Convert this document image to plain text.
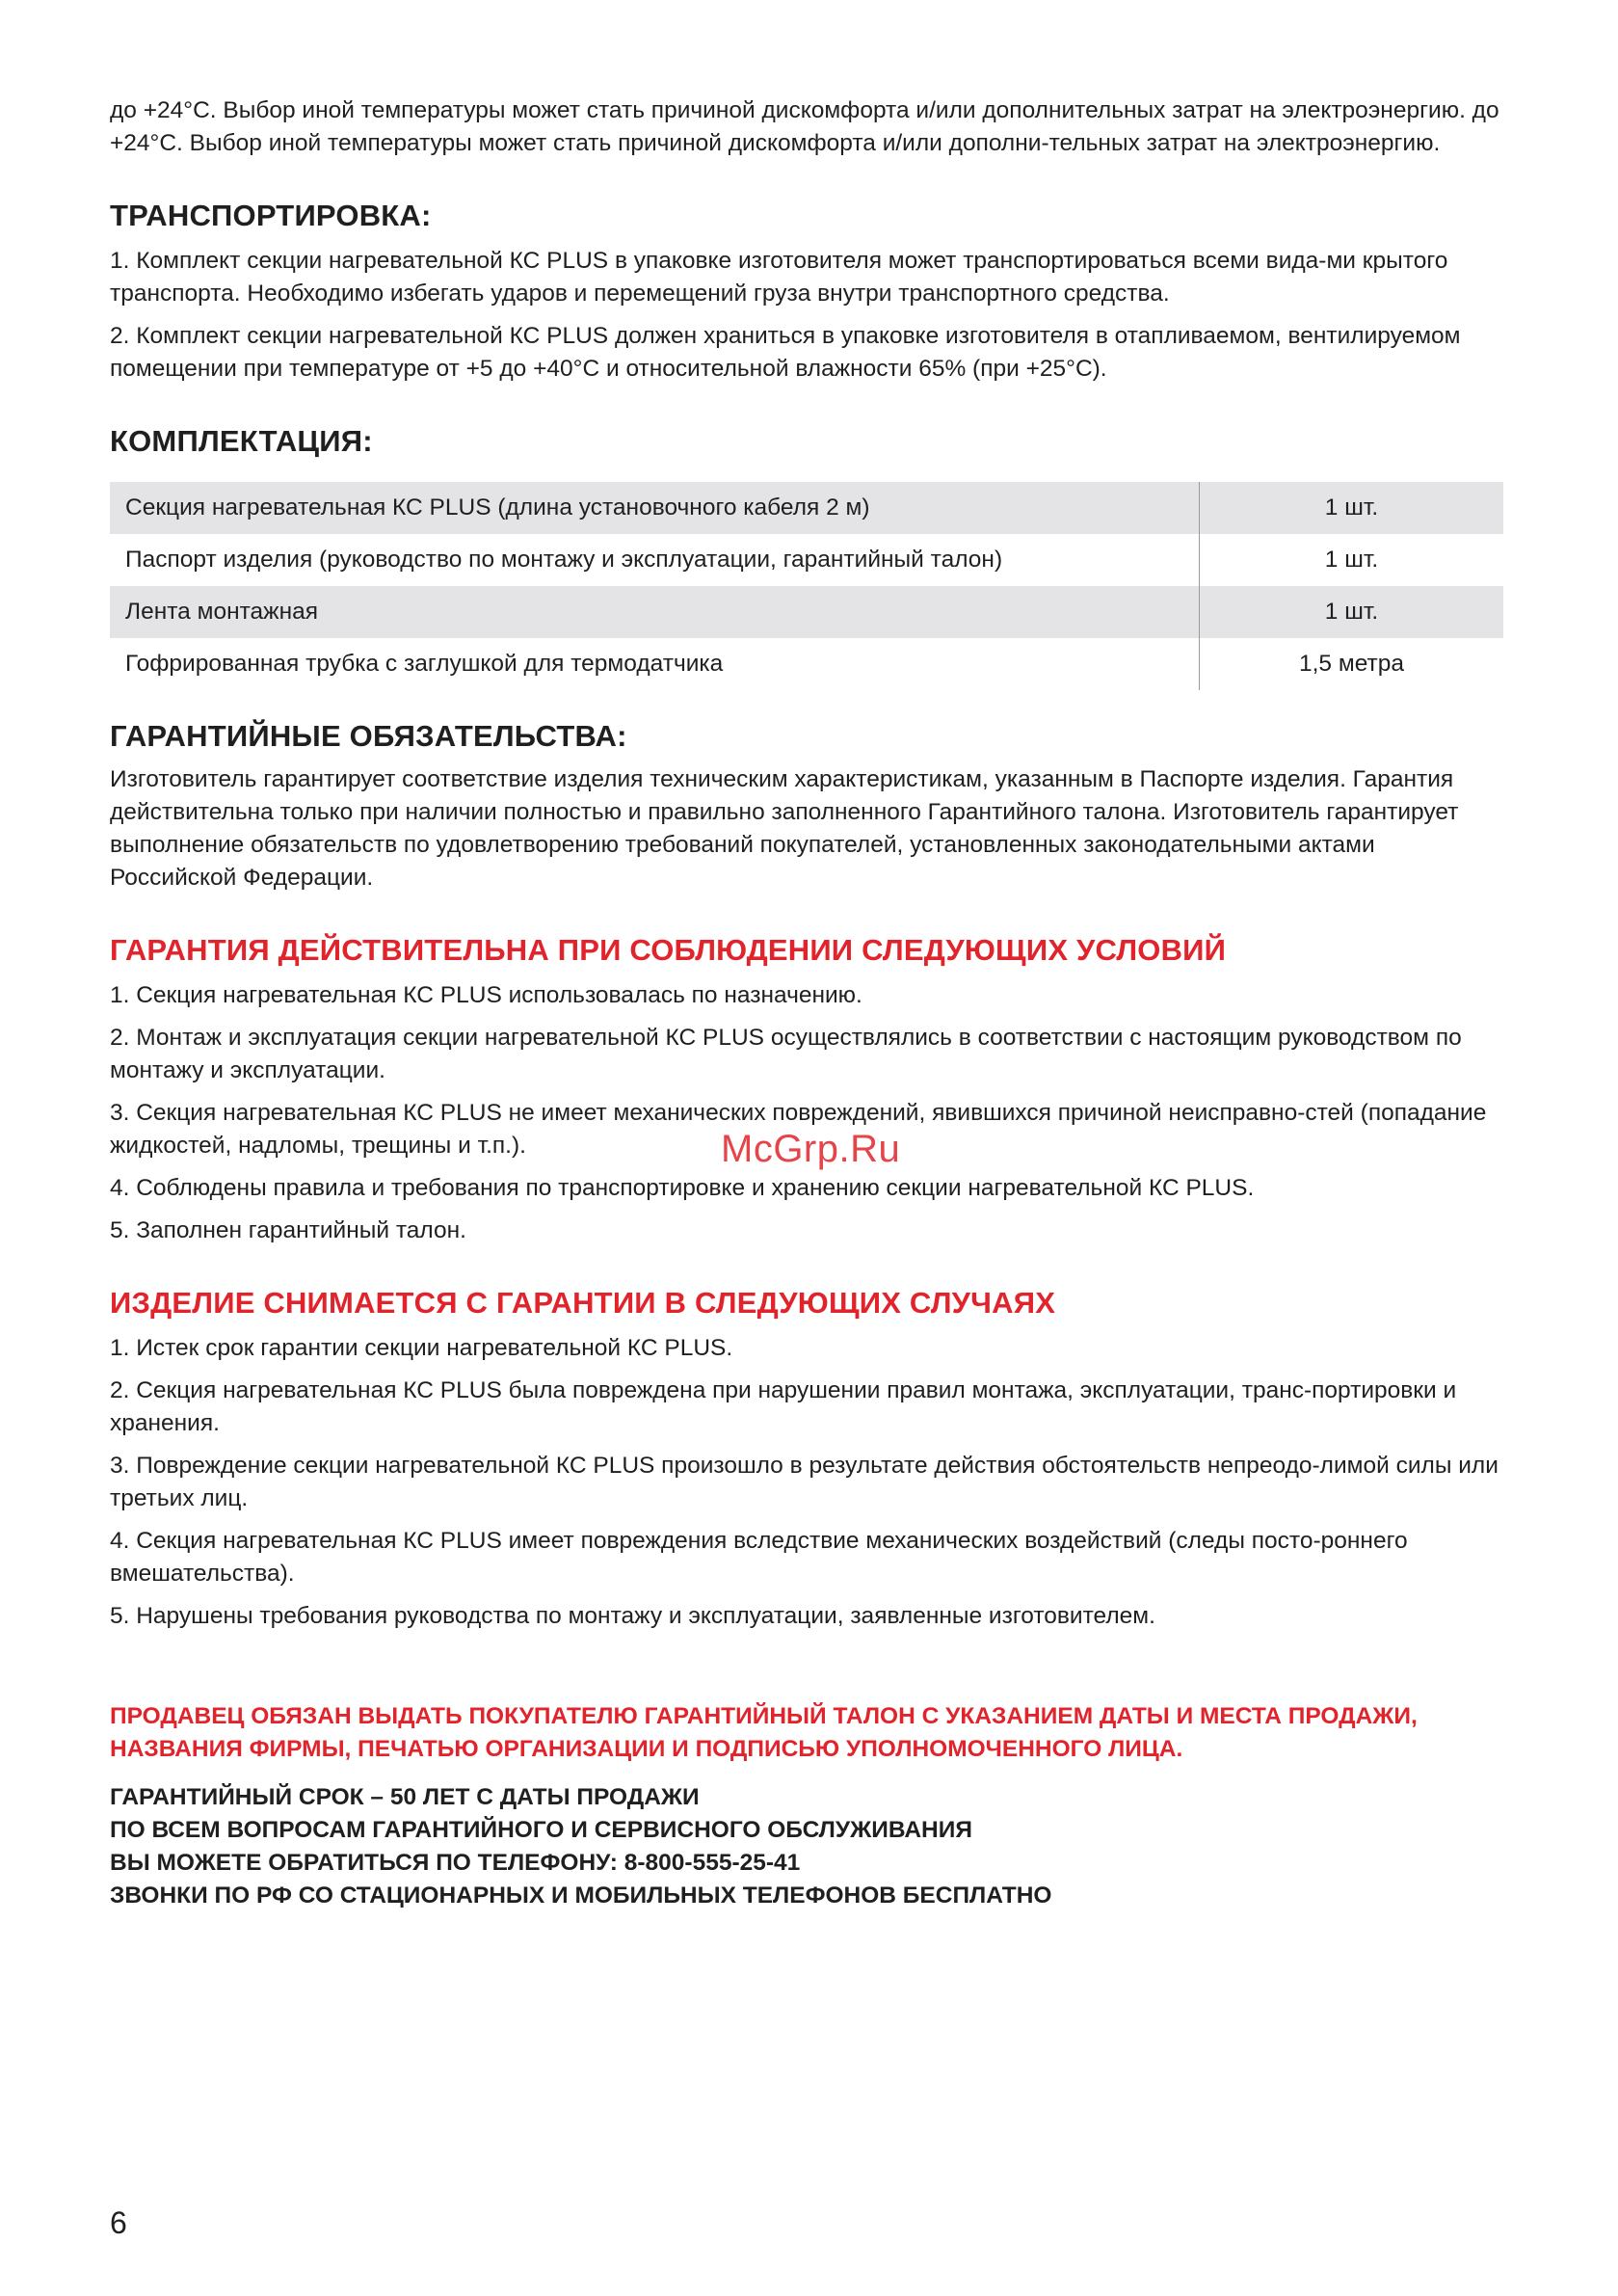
до +24°С. Выбор иной температуры может стать причиной дискомфорта и/или дополнительных затрат на электроэнергию. до +24°С. Выбор иной температуры может стать причиной дискомфорта и/или дополни-тельных затрат на электроэнергию.

ТРАНСПОРТИРОВКА:

1. Комплект секции нагревательной КС PLUS в упаковке изготовителя может транспортироваться всеми вида-ми крытого транспорта. Необходимо избегать ударов и перемещений груза внутри транспортного средства.

2. Комплект секции нагревательной КС PLUS должен храниться в упаковке изготовителя в отапливаемом, вентилируемом помещении при температуре от +5 до +40°С и относительной влажности 65% (при +25°С).

КОМПЛЕКТАЦИЯ:
Секция нагревательная КС PLUS (длина установочного кабеля 2 м)	1 шт.
Паспорт изделия (руководство по монтажу и эксплуатации, гарантийный талон)	1 шт.
Лента монтажная	1 шт.
Гофрированная трубка с заглушкой для термодатчика	1,5 метра
ГАРАНТИЙНЫЕ ОБЯЗАТЕЛЬСТВА:

Изготовитель гарантирует соответствие изделия техническим характеристикам, указанным в Паспорте изделия. Гарантия действительна только при наличии полностью и правильно заполненного Гарантийного талона. Изготовитель гарантирует выполнение обязательств по удовлетворению требований покупателей, установленных законодательными актами Российской Федерации.

ГАРАНТИЯ ДЕЙСТВИТЕЛЬНА ПРИ СОБЛЮДЕНИИ СЛЕДУЮЩИХ УСЛОВИЙ

1. Секция нагревательная КС PLUS использовалась по назначению.

2. Монтаж и эксплуатация секции нагревательной КС PLUS осуществлялись в соответствии с настоящим руководством по монтажу и эксплуатации.

3. Секция нагревательная КС PLUS не имеет механических повреждений, явившихся причиной неисправно-стей (попадание жидкостей, надломы, трещины и т.п.).

4. Соблюдены правила и требования по транспортировке и хранению секции нагревательной КС PLUS.

5. Заполнен гарантийный талон.

ИЗДЕЛИЕ СНИМАЕТСЯ С ГАРАНТИИ В СЛЕДУЮЩИХ СЛУЧАЯХ

1. Истек срок гарантии секции нагревательной КС PLUS.

2. Секция нагревательная КС PLUS была повреждена при нарушении правил монтажа, эксплуатации, транс-портировки и хранения.

3. Повреждение секции нагревательной КС PLUS произошло в результате действия обстоятельств непреодо-лимой силы или третьих лиц.

4. Секция нагревательная КС PLUS имеет повреждения вследствие механических воздействий (следы посто-роннего вмешательства).

5. Нарушены требования руководства по монтажу и эксплуатации, заявленные изготовителем.

ПРОДАВЕЦ ОБЯЗАН ВЫДАТЬ ПОКУПАТЕЛЮ ГАРАНТИЙНЫЙ ТАЛОН С УКАЗАНИЕМ ДАТЫ И МЕСТА ПРОДАЖИ, НАЗВАНИЯ ФИРМЫ, ПЕЧАТЬЮ ОРГАНИЗАЦИИ И ПОДПИСЬЮ УПОЛНОМОЧЕННОГО ЛИЦА.
ГАРАНТИЙНЫЙ СРОК – 50 ЛЕТ С ДАТЫ ПРОДАЖИ
ПО ВСЕМ ВОПРОСАМ ГАРАНТИЙНОГО И СЕРВИСНОГО ОБСЛУЖИВАНИЯ
ВЫ МОЖЕТЕ ОБРАТИТЬСЯ ПО ТЕЛЕФОНУ: 8-800-555-25-41
ЗВОНКИ ПО РФ СО СТАЦИОНАРНЫХ И МОБИЛЬНЫХ ТЕЛЕФОНОВ БЕСПЛАТНО
McGrp.Ru
6
